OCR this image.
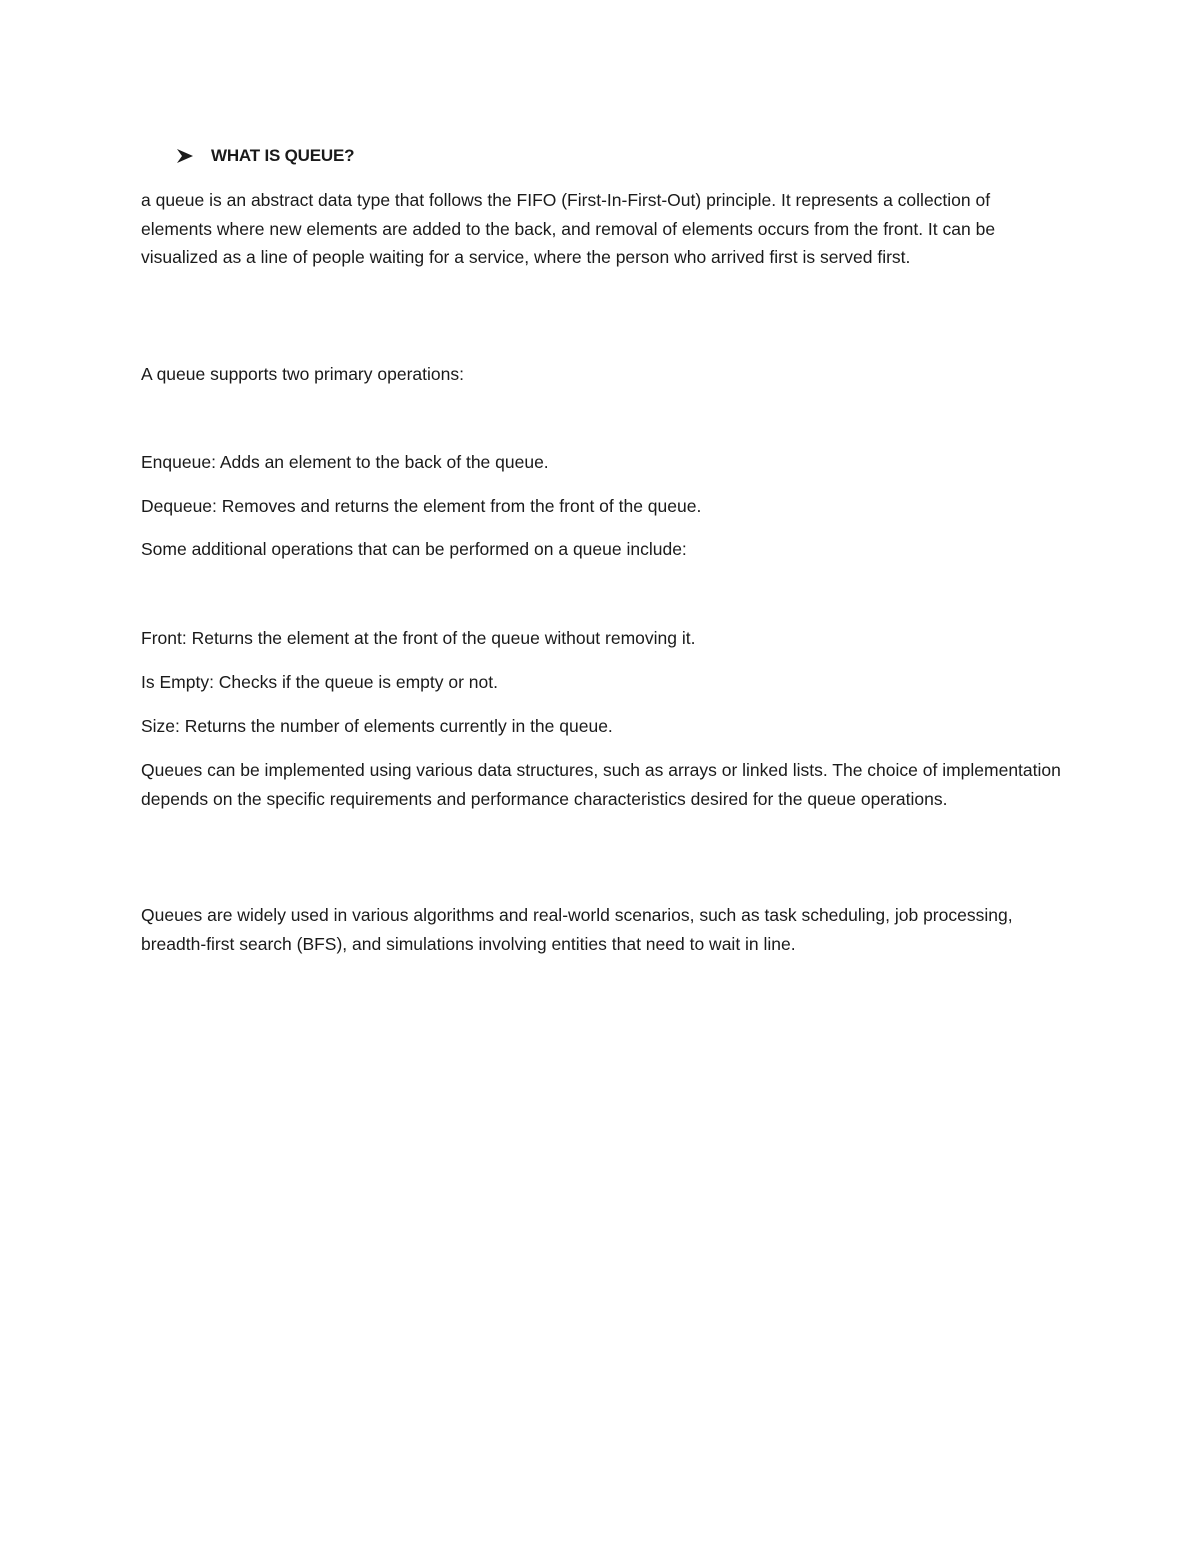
WHAT IS QUEUE?

a queue is an abstract data type that follows the FIFO (First-In-First-Out) principle. It represents a collection of elements where new elements are added to the back, and removal of elements occurs from the front. It can be visualized as a line of people waiting for a service, where the person who arrived first is served first.

A queue supports two primary operations:

Enqueue: Adds an element to the back of the queue.

Dequeue: Removes and returns the element from the front of the queue.

Some additional operations that can be performed on a queue include:

Front: Returns the element at the front of the queue without removing it.

Is Empty: Checks if the queue is empty or not.

Size: Returns the number of elements currently in the queue.

Queues can be implemented using various data structures, such as arrays or linked lists. The choice of implementation depends on the specific requirements and performance characteristics desired for the queue operations.

Queues are widely used in various algorithms and real-world scenarios, such as task scheduling, job processing, breadth-first search (BFS), and simulations involving entities that need to wait in line.
